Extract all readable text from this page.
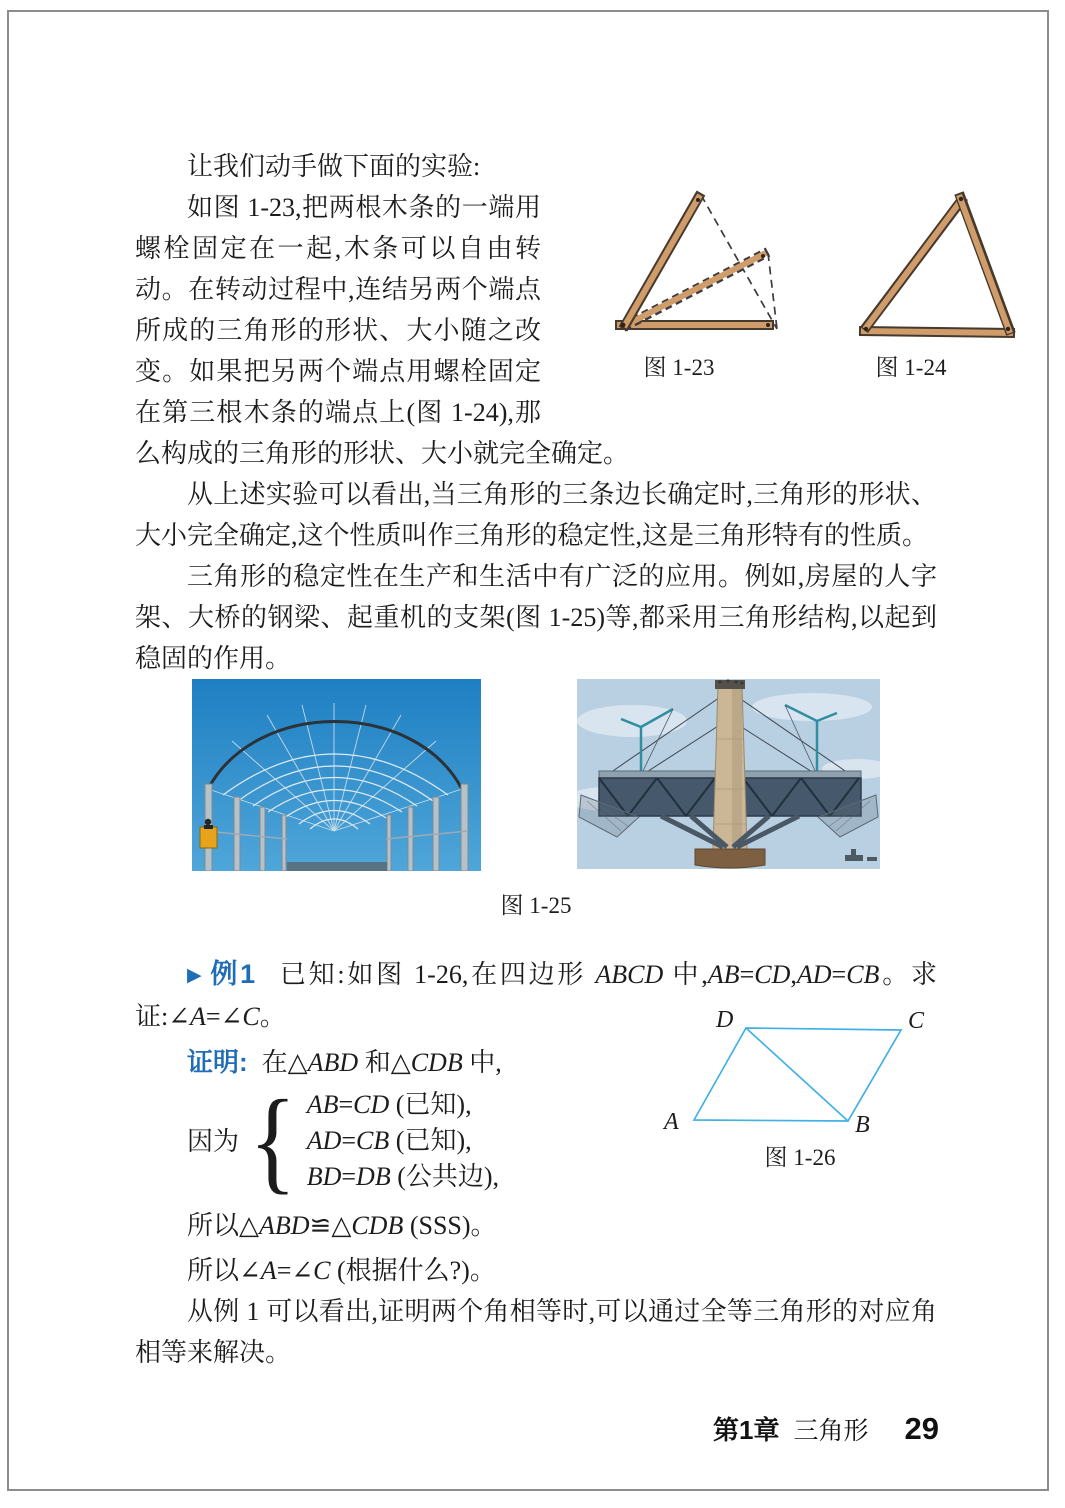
让我们动手做下面的实验:

图 1-23	图 1-24
如图 1-23,把两根木条的一端用螺栓固定在一起,木条可以自由转动。在转动过程中,连结另两个端点所成的三角形的形状、大小随之改变。如果把另两个端点用螺栓固定在第三根木条的端点上(图 1-24),那么构成的三角形的形状、大小就完全确定。

从上述实验可以看出,当三角形的三条边长确定时,三角形的形状、大小完全确定,这个性质叫作三角形的稳定性,这是三角形特有的性质。

三角形的稳定性在生产和生活中有广泛的应用。例如,房屋的人字架、大桥的钢梁、起重机的支架(图 1-25)等,都采用三角形结构,以起到稳固的作用。

图 1-25

▶ 例1 已知:如图 1-26,在四边形 ABCD 中,AB=CD,AD=CB。求证:∠A=∠C。

证明: 在△ABD 和△CDB 中,

因为 { AB=CD (已知),
AD=CB (已知),
BD=DB (公共边),

所以△ABD≌△CDB (SSS)。

所以∠A=∠C (根据什么?)。

从例 1 可以看出,证明两个角相等时,可以通过全等三角形的对应角相等来解决。

A	B
C
D
图 1-26
第1章 三角形 29
